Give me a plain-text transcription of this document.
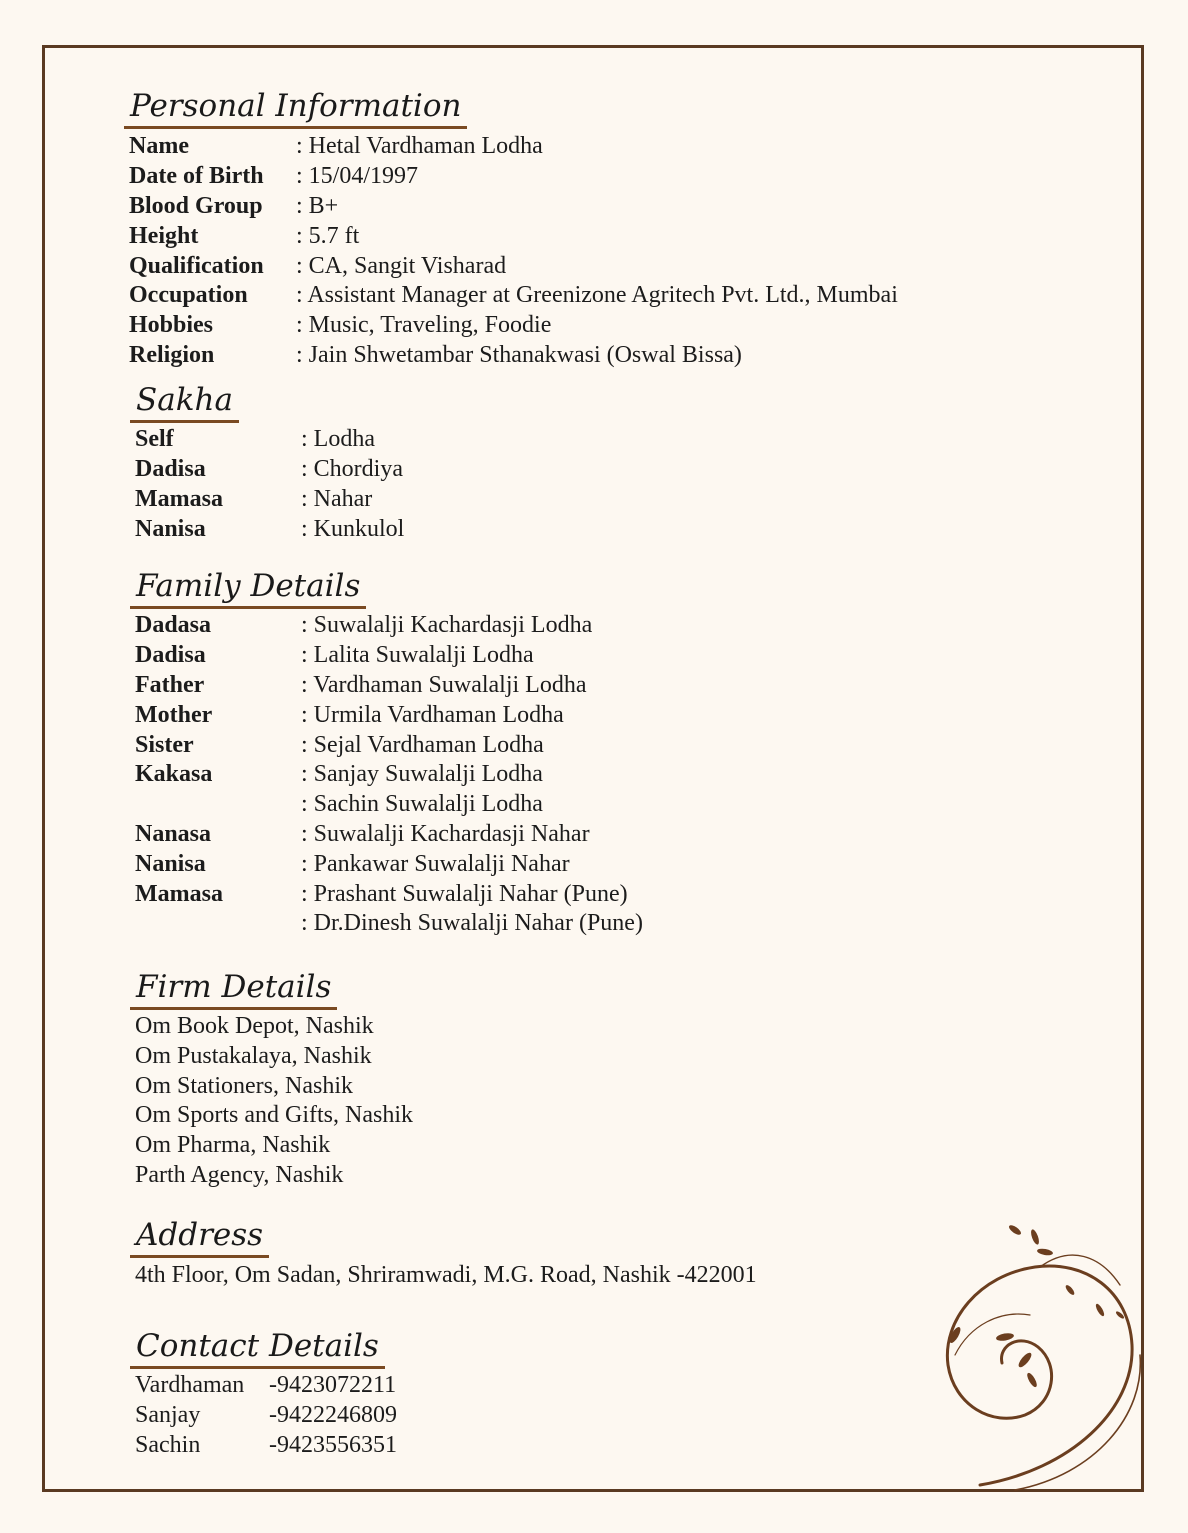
Personal Information
Name	: Hetal Vardhaman Lodha
Date of Birth	: 15/04/1997
Blood Group	: B+
Height	: 5.7 ft
Qualification	: CA, Sangit Visharad
Occupation	: Assistant Manager at Greenizone Agritech Pvt. Ltd., Mumbai
Hobbies	: Music, Traveling, Foodie
Religion	: Jain Shwetambar Sthanakwasi (Oswal Bissa)
Sakha
Self	: Lodha
Dadisa	: Chordiya
Mamasa	: Nahar
Nanisa	: Kunkulol
Family Details
Dadasa	: Suwalalji Kachardasji Lodha
Dadisa	: Lalita Suwalalji Lodha
Father	: Vardhaman Suwalalji Lodha
Mother	: Urmila Vardhaman Lodha
Sister	: Sejal Vardhaman Lodha
Kakasa	: Sanjay Suwalalji Lodha
: Sachin Suwalalji Lodha
Nanasa	: Suwalalji Kachardasji Nahar
Nanisa	: Pankawar Suwalalji Nahar
Mamasa	: Prashant Suwalalji Nahar (Pune)
: Dr.Dinesh Suwalalji Nahar (Pune)
Firm Details
Om Book Depot, Nashik
Om Pustakalaya, Nashik
Om Stationers, Nashik
Om Sports and Gifts, Nashik
Om Pharma, Nashik
Parth Agency, Nashik
Address
4th Floor, Om Sadan, Shriramwadi, M.G. Road, Nashik -422001
Contact Details
Vardhaman -9423072211
Sanjay	-9422246809
Sachin	-9423556351
